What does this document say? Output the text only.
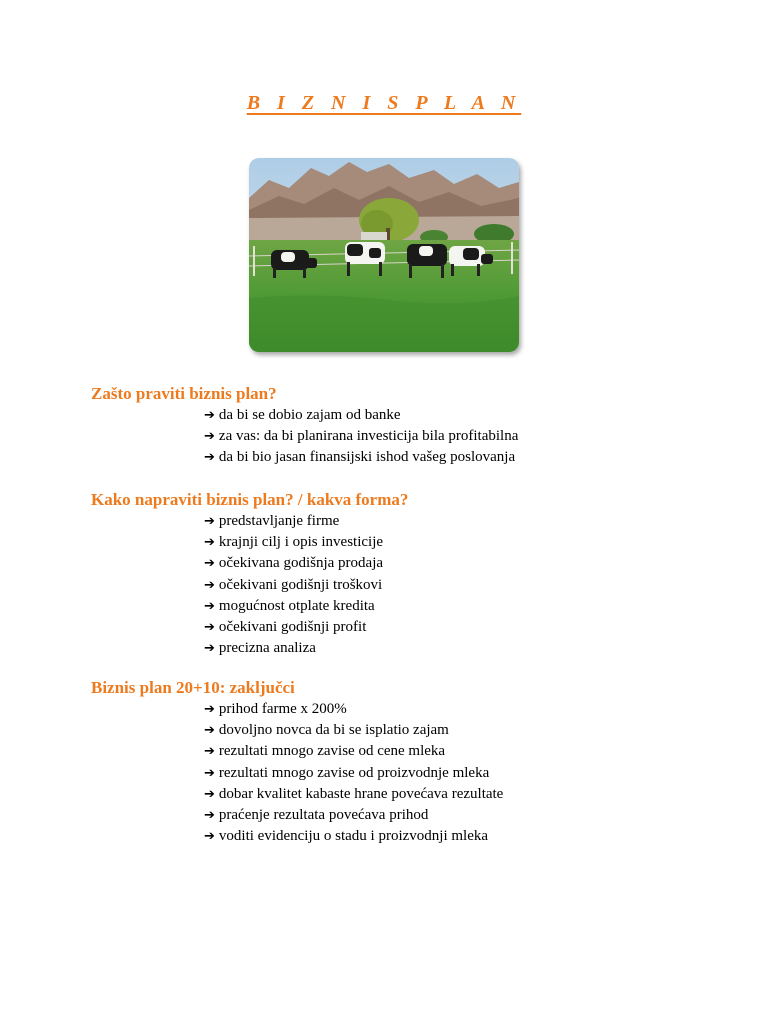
B I Z N I S P L A N
Zašto praviti biznis plan?
➔ da bi se dobio zajam od banke
➔ za vas: da bi planirana investicija bila profitabilna
➔ da bi bio jasan finansijski ishod vašeg poslovanja
Kako napraviti biznis plan? / kakva forma?
➔ predstavljanje firme
➔ krajnji cilj i opis investicije
➔ očekivana godišnja prodaja
➔ očekivani godišnji troškovi
➔ mogućnost otplate kredita
➔ očekivani godišnji profit
➔ precizna analiza
Biznis plan 20+10: zaključci
➔ prihod farme x 200%
➔ dovoljno novca da bi se isplatio zajam
➔ rezultati mnogo zavise od cene mleka
➔ rezultati mnogo zavise od proizvodnje mleka
➔ dobar kvalitet kabaste hrane povećava rezultate
➔ praćenje rezultata povećava prihod
➔ voditi evidenciju o stadu i proizvodnji mleka
